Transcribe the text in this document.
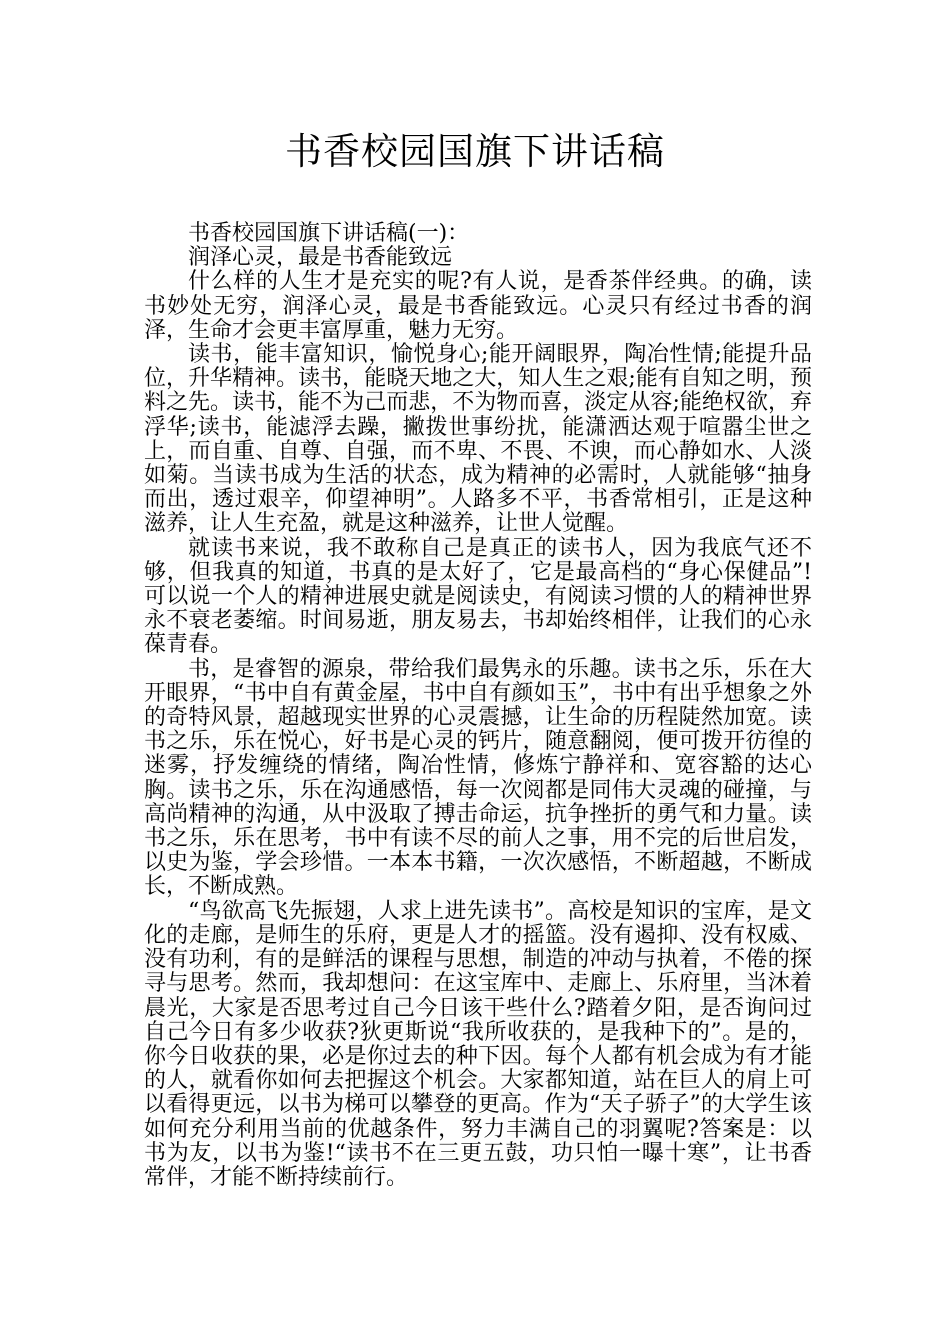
书香校园国旗下讲话稿

书香校园国旗下讲话稿(一)：

润泽心灵，最是书香能致远

什么样的人生才是充实的呢?有人说，是香茶伴经典。的确，读书妙处无穷，润泽心灵，最是书香能致远。心灵只有经过书香的润泽，生命才会更丰富厚重，魅力无穷。

读书，能丰富知识，愉悦身心;能开阔眼界，陶冶性情;能提升品位，升华精神。读书，能晓天地之大，知人生之艰;能有自知之明，预料之先。读书，能不为己而悲，不为物而喜，淡定从容;能绝权欲，弃浮华;读书，能滤浮去躁，撇拨世事纷扰，能潇洒达观于喧嚣尘世之上，而自重、自尊、自强，而不卑、不畏、不谀，而心静如水、人淡如菊。当读书成为生活的状态，成为精神的必需时，人就能够“抽身而出，透过艰辛，仰望神明”。人路多不平，书香常相引，正是这种滋养，让人生充盈，就是这种滋养，让世人觉醒。

就读书来说，我不敢称自己是真正的读书人，因为我底气还不够，但我真的知道，书真的是太好了，它是最高档的“身心保健品”!可以说一个人的精神进展史就是阅读史，有阅读习惯的人的精神世界永不衰老萎缩。时间易逝，朋友易去，书却始终相伴，让我们的心永葆青春。

书，是睿智的源泉，带给我们最隽永的乐趣。读书之乐，乐在大开眼界，“书中自有黄金屋，书中自有颜如玉”，书中有出乎想象之外的奇特风景，超越现实世界的心灵震撼，让生命的历程陡然加宽。读书之乐，乐在悦心，好书是心灵的钙片，随意翻阅，便可拨开彷徨的迷雾，抒发缠绕的情绪，陶冶性情，修炼宁静祥和、宽容豁的达心胸。读书之乐，乐在沟通感悟，每一次阅都是同伟大灵魂的碰撞，与高尚精神的沟通，从中汲取了搏击命运，抗争挫折的勇气和力量。读书之乐，乐在思考，书中有读不尽的前人之事，用不完的后世启发，以史为鉴，学会珍惜。一本本书籍，一次次感悟，不断超越，不断成长，不断成熟。

“鸟欲高飞先振翅，人求上进先读书”。高校是知识的宝库，是文化的走廊，是师生的乐府，更是人才的摇篮。没有遏抑、没有权威、没有功利，有的是鲜活的课程与思想，制造的冲动与执着，不倦的探寻与思考。然而，我却想问：在这宝库中、走廊上、乐府里，当沐着晨光，大家是否思考过自己今日该干些什么?踏着夕阳，是否询问过自己今日有多少收获?狄更斯说“我所收获的，是我种下的”。是的，你今日收获的果，必是你过去的种下因。每个人都有机会成为有才能的人，就看你如何去把握这个机会。大家都知道，站在巨人的肩上可以看得更远，以书为梯可以攀登的更高。作为“天子骄子”的大学生该如何充分利用当前的优越条件，努力丰满自己的羽翼呢?答案是：以书为友，以书为鉴!“读书不在三更五鼓，功只怕一曝十寒”，让书香常伴，才能不断持续前行。
